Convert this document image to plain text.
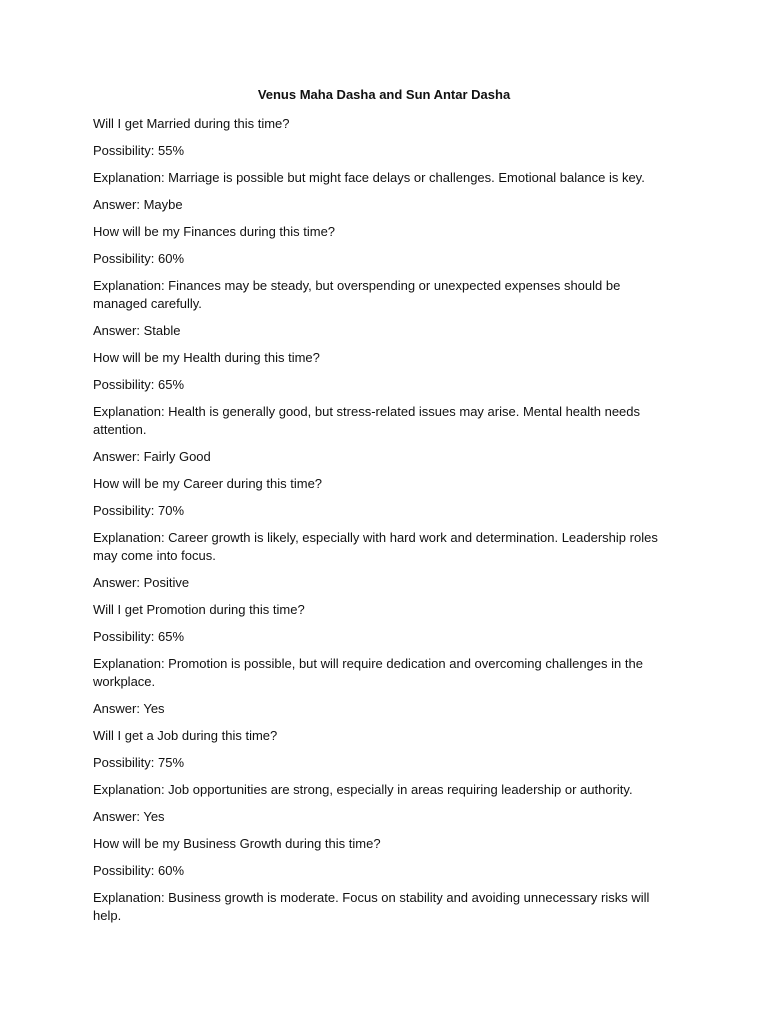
Venus Maha Dasha and Sun Antar Dasha

Will I get Married during this time?

Possibility: 55%

Explanation: Marriage is possible but might face delays or challenges. Emotional balance is key.

Answer: Maybe

How will be my Finances during this time?

Possibility: 60%

Explanation: Finances may be steady, but overspending or unexpected expenses should be managed carefully.

Answer: Stable

How will be my Health during this time?

Possibility: 65%

Explanation: Health is generally good, but stress-related issues may arise. Mental health needs attention.

Answer: Fairly Good

How will be my Career during this time?

Possibility: 70%

Explanation: Career growth is likely, especially with hard work and determination. Leadership roles may come into focus.

Answer: Positive

Will I get Promotion during this time?

Possibility: 65%

Explanation: Promotion is possible, but will require dedication and overcoming challenges in the workplace.

Answer: Yes

Will I get a Job during this time?

Possibility: 75%

Explanation: Job opportunities are strong, especially in areas requiring leadership or authority.

Answer: Yes

How will be my Business Growth during this time?

Possibility: 60%

Explanation: Business growth is moderate. Focus on stability and avoiding unnecessary risks will help.
